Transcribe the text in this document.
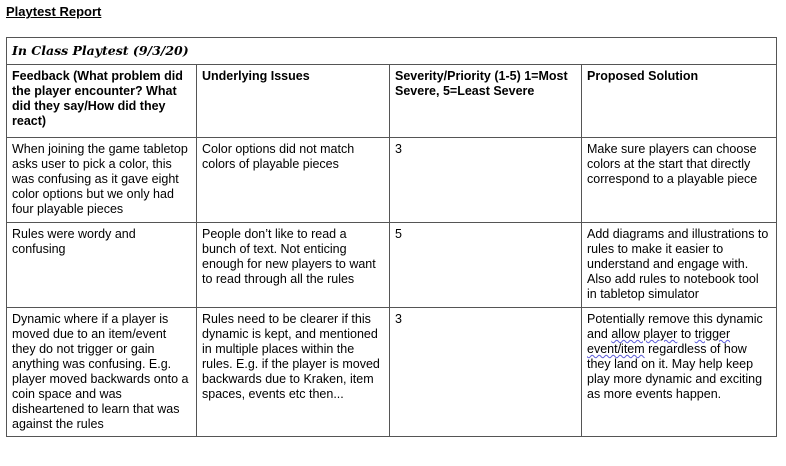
Playtest Report
In Class Playtest (9/3/20)			
Feedback (What problem did the player encounter? What did they say/How did they react)	Underlying Issues	Severity/Priority (1-5) 1=Most Severe, 5=Least Severe	Proposed Solution
When joining the game tabletop asks user to pick a color, this was confusing as it gave eight color options but we only had four playable pieces	Color options did not match colors of playable pieces	3	Make sure players can choose colors at the start that directly correspond to a playable piece
Rules were wordy and confusing	People don’t like to read a bunch of text. Not enticing enough for new players to want to read through all the rules	5	Add diagrams and illustrations to rules to make it easier to understand and engage with. Also add rules to notebook tool in tabletop simulator
Dynamic where if a player is moved due to an item/event they do not trigger or gain anything was confusing. E.g. player moved backwards onto a coin space and was disheartened to learn that was against the rules	Rules need to be clearer if this dynamic is kept, and mentioned in multiple places within the rules. E.g. if the player is moved backwards due to Kraken, item spaces, events etc then...	3	Potentially remove this dynamic and allow player to trigger event/item regardless of how they land on it. May help keep play more dynamic and exciting as more events happen.
